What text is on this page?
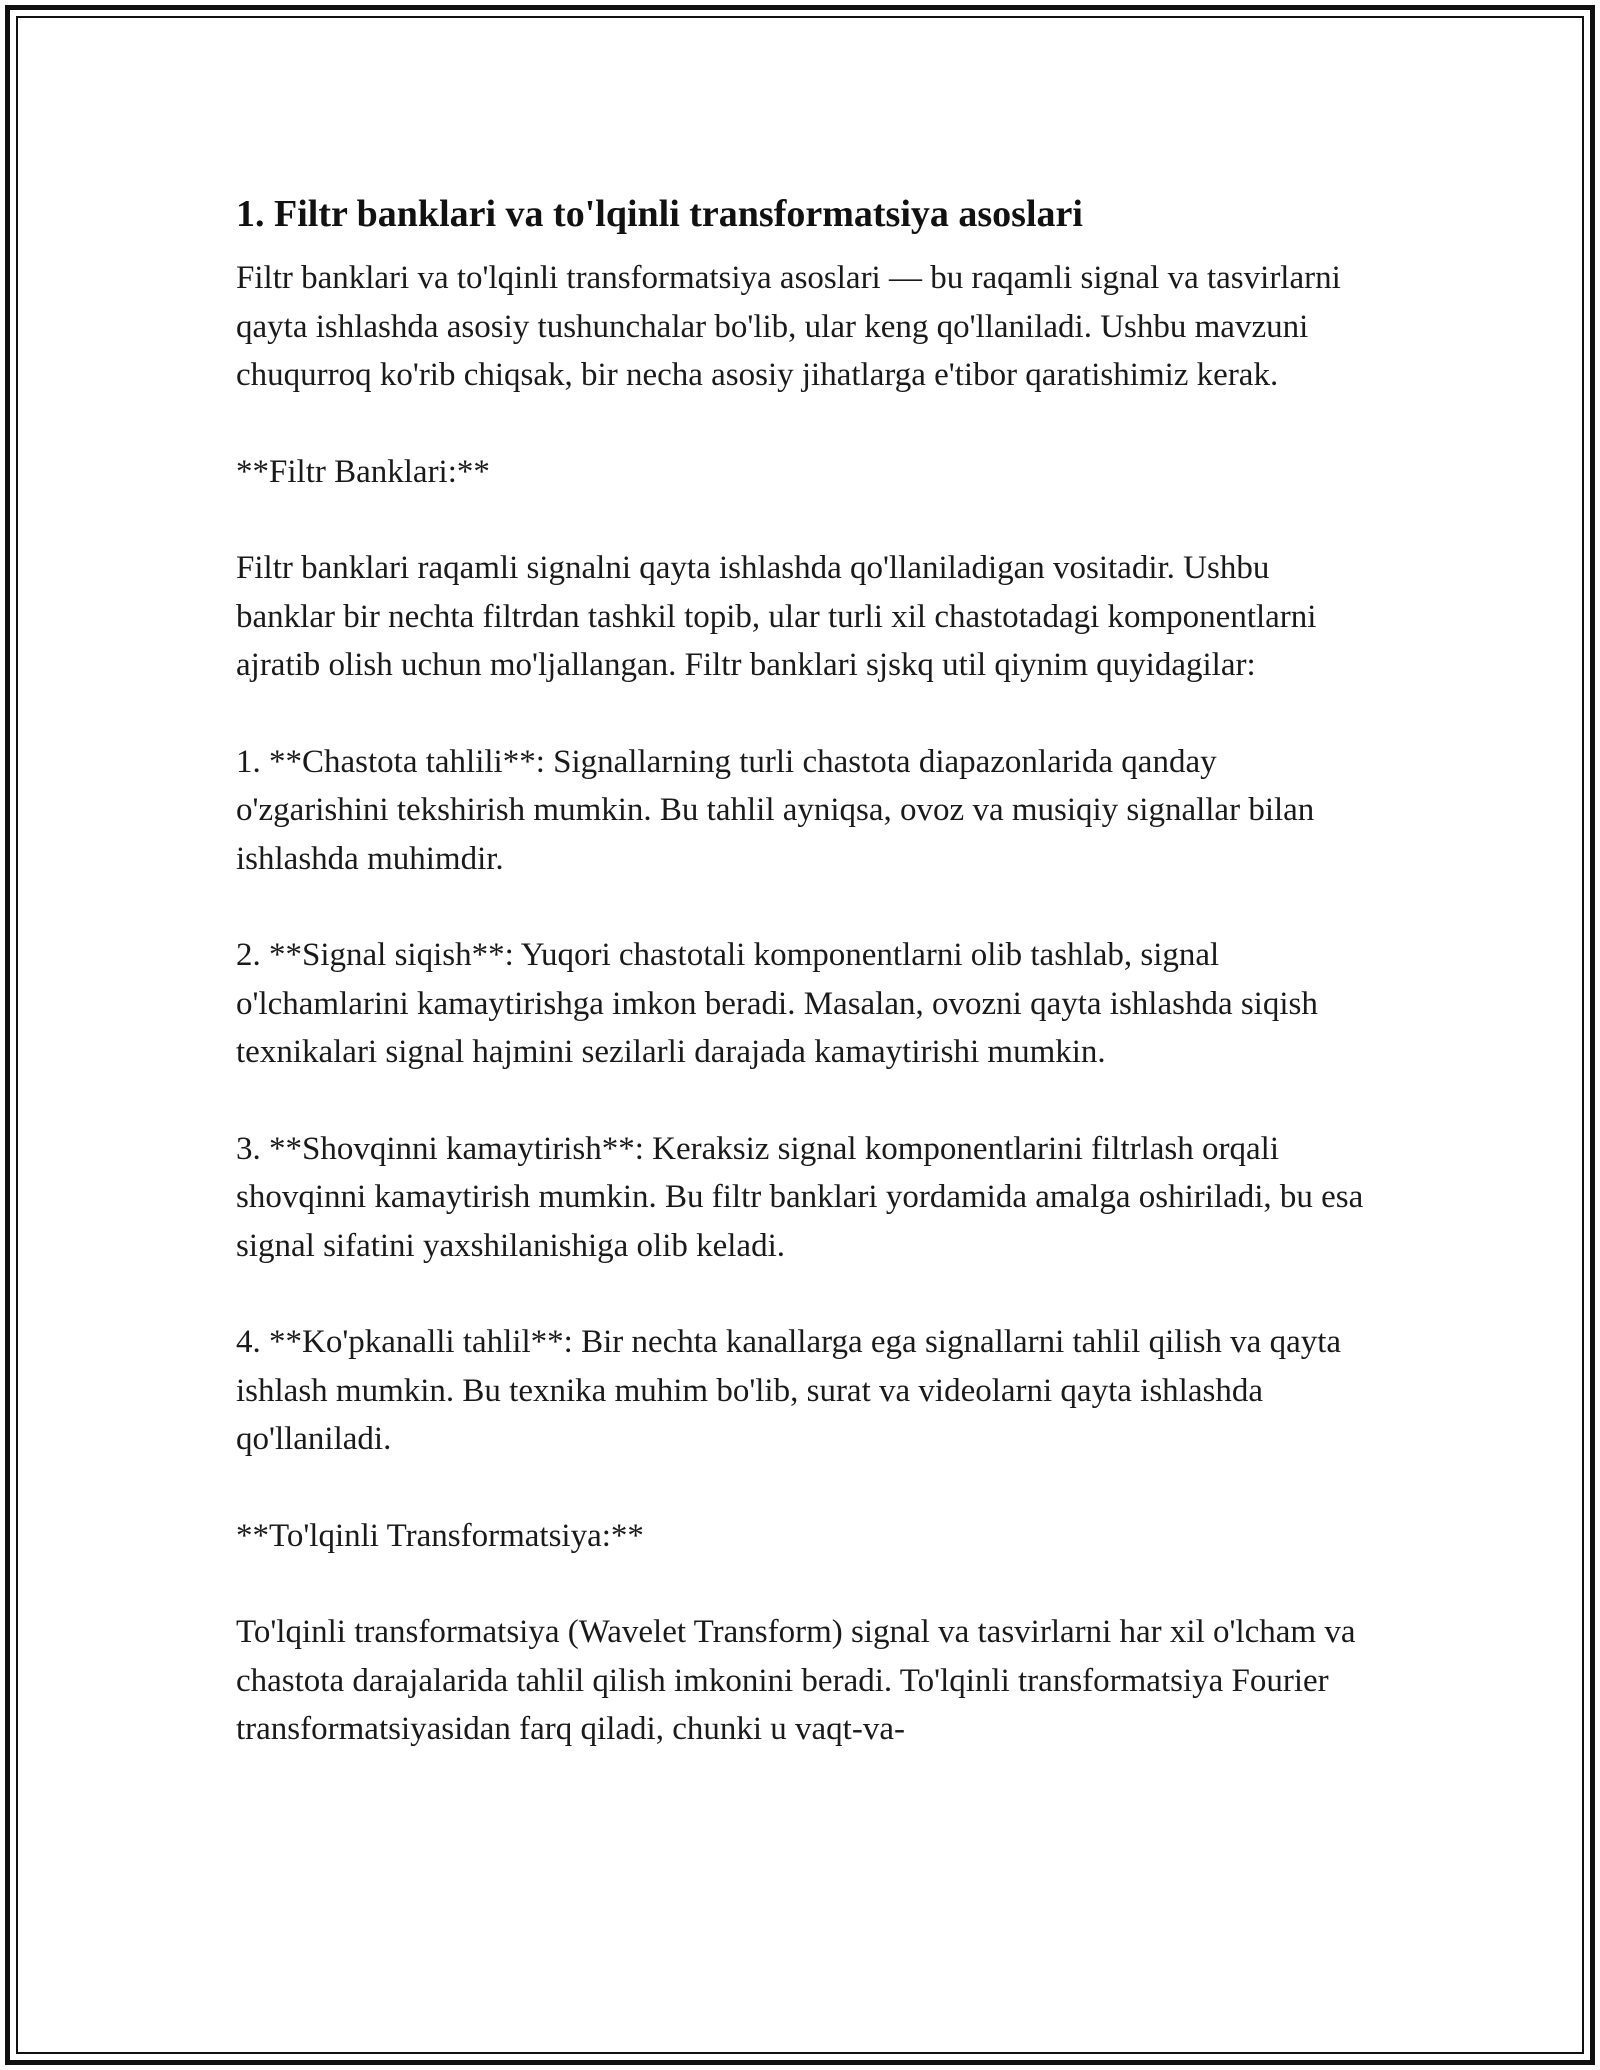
1. Filtr banklari va to'lqinli transformatsiya asoslari

Filtr banklari va to'lqinli transformatsiya asoslari — bu raqamli signal va tasvirlarni qayta ishlashda asosiy tushunchalar bo'lib, ular keng qo'llaniladi. Ushbu mavzuni chuqurroq ko'rib chiqsak, bir necha asosiy jihatlarga e'tibor qaratishimiz kerak.

**Filtr Banklari:**

Filtr banklari raqamli signalni qayta ishlashda qo'llaniladigan vositadir. Ushbu banklar bir nechta filtrdan tashkil topib, ular turli xil chastotadagi komponentlarni ajratib olish uchun mo'ljallangan. Filtr banklari sjskq util qiynim quyidagilar:

1. **Chastota tahlili**: Signallarning turli chastota diapazonlarida qanday o'zgarishini tekshirish mumkin. Bu tahlil ayniqsa, ovoz va musiqiy signallar bilan ishlashda muhimdir.

2. **Signal siqish**: Yuqori chastotali komponentlarni olib tashlab, signal o'lchamlarini kamaytirishga imkon beradi. Masalan, ovozni qayta ishlashda siqish texnikalari signal hajmini sezilarli darajada kamaytirishi mumkin.

3. **Shovqinni kamaytirish**: Keraksiz signal komponentlarini filtrlash orqali shovqinni kamaytirish mumkin. Bu filtr banklari yordamida amalga oshiriladi, bu esa signal sifatini yaxshilanishiga olib keladi.

4. **Ko'pkanalli tahlil**: Bir nechta kanallarga ega signallarni tahlil qilish va qayta ishlash mumkin. Bu texnika muhim bo'lib, surat va videolarni qayta ishlashda qo'llaniladi.

**To'lqinli Transformatsiya:**

To'lqinli transformatsiya (Wavelet Transform) signal va tasvirlarni har xil o'lcham va chastota darajalarida tahlil qilish imkonini beradi. To'lqinli transformatsiya Fourier transformatsiyasidan farq qiladi, chunki u vaqt-va-
